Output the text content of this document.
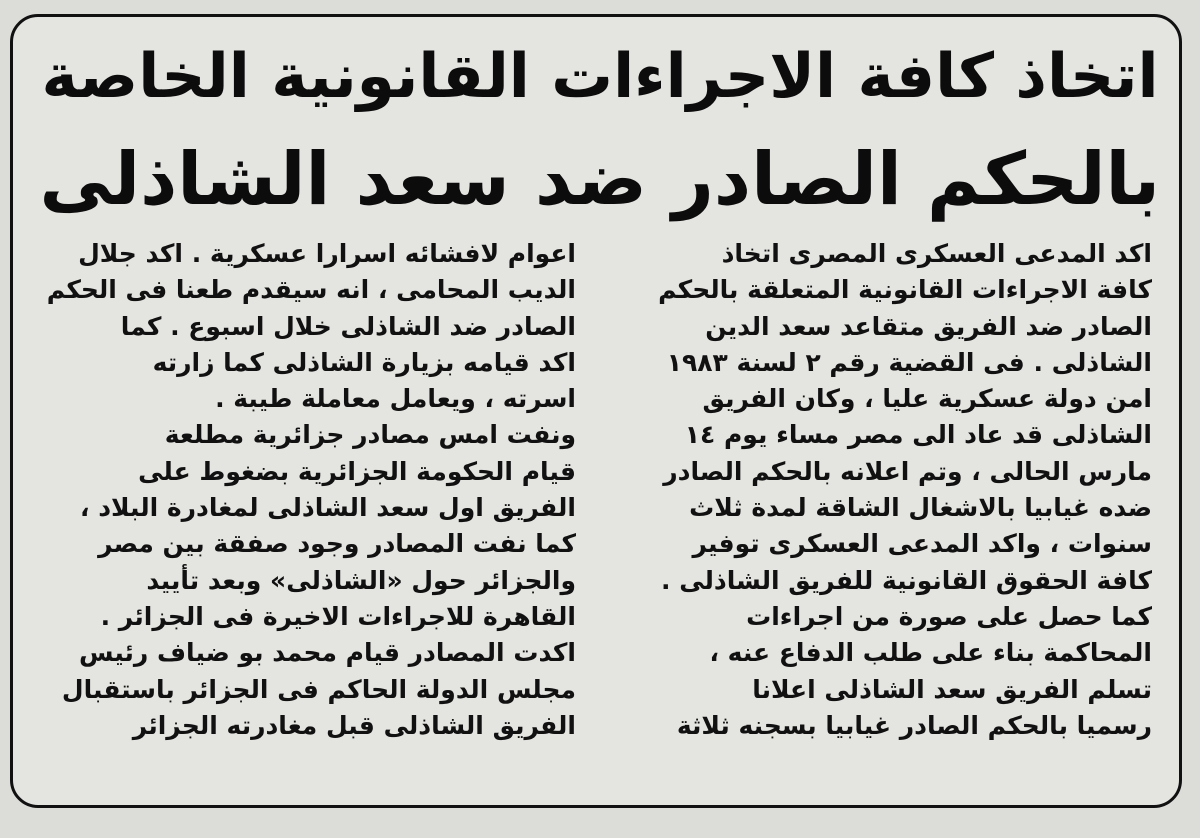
اتخاذ كافة الاجراءات القانونية الخاصة
بالحكم الصادر ضد سعد الشاذلى
اكد المدعى العسكرى المصرى اتخاذ
كافة الاجراءات القانونية المتعلقة بالحكم
الصادر ضد الفريق متقاعد سعد الدين
الشاذلى . فى القضية رقم ٢ لسنة ١٩٨٣
امن دولة عسكرية عليا ، وكان الفريق
الشاذلى قد عاد الى مصر مساء يوم ١٤
مارس الحالى ، وتم اعلانه بالحكم الصادر
ضده غيابيا بالاشغال الشاقة لمدة ثلاث
سنوات ، واكد المدعى العسكرى توفير
كافة الحقوق القانونية للفريق الشاذلى .
كما حصل على صورة من اجراءات
المحاكمة بناء على طلب الدفاع عنه ،
تسلم الفريق سعد الشاذلى اعلانا
رسميا بالحكم الصادر غيابيا بسجنه ثلاثة
اعوام لافشائه اسرارا عسكرية . اكد جلال
الديب المحامى ، انه سيقدم طعنا فى الحكم
الصادر ضد الشاذلى خلال اسبوع . كما
اكد قيامه بزيارة الشاذلى كما زارته
اسرته ، ويعامل معاملة طيبة .
ونفت امس مصادر جزائرية مطلعة
قيام الحكومة الجزائرية بضغوط على
الفريق اول سعد الشاذلى لمغادرة البلاد ،
كما نفت المصادر وجود صفقة بين مصر
والجزائر حول «الشاذلى» وبعد تأييد
القاهرة للاجراءات الاخيرة فى الجزائر .
اكدت المصادر قيام محمد بو ضياف رئيس
مجلس الدولة الحاكم فى الجزائر باستقبال
الفريق الشاذلى قبل مغادرته الجزائر
